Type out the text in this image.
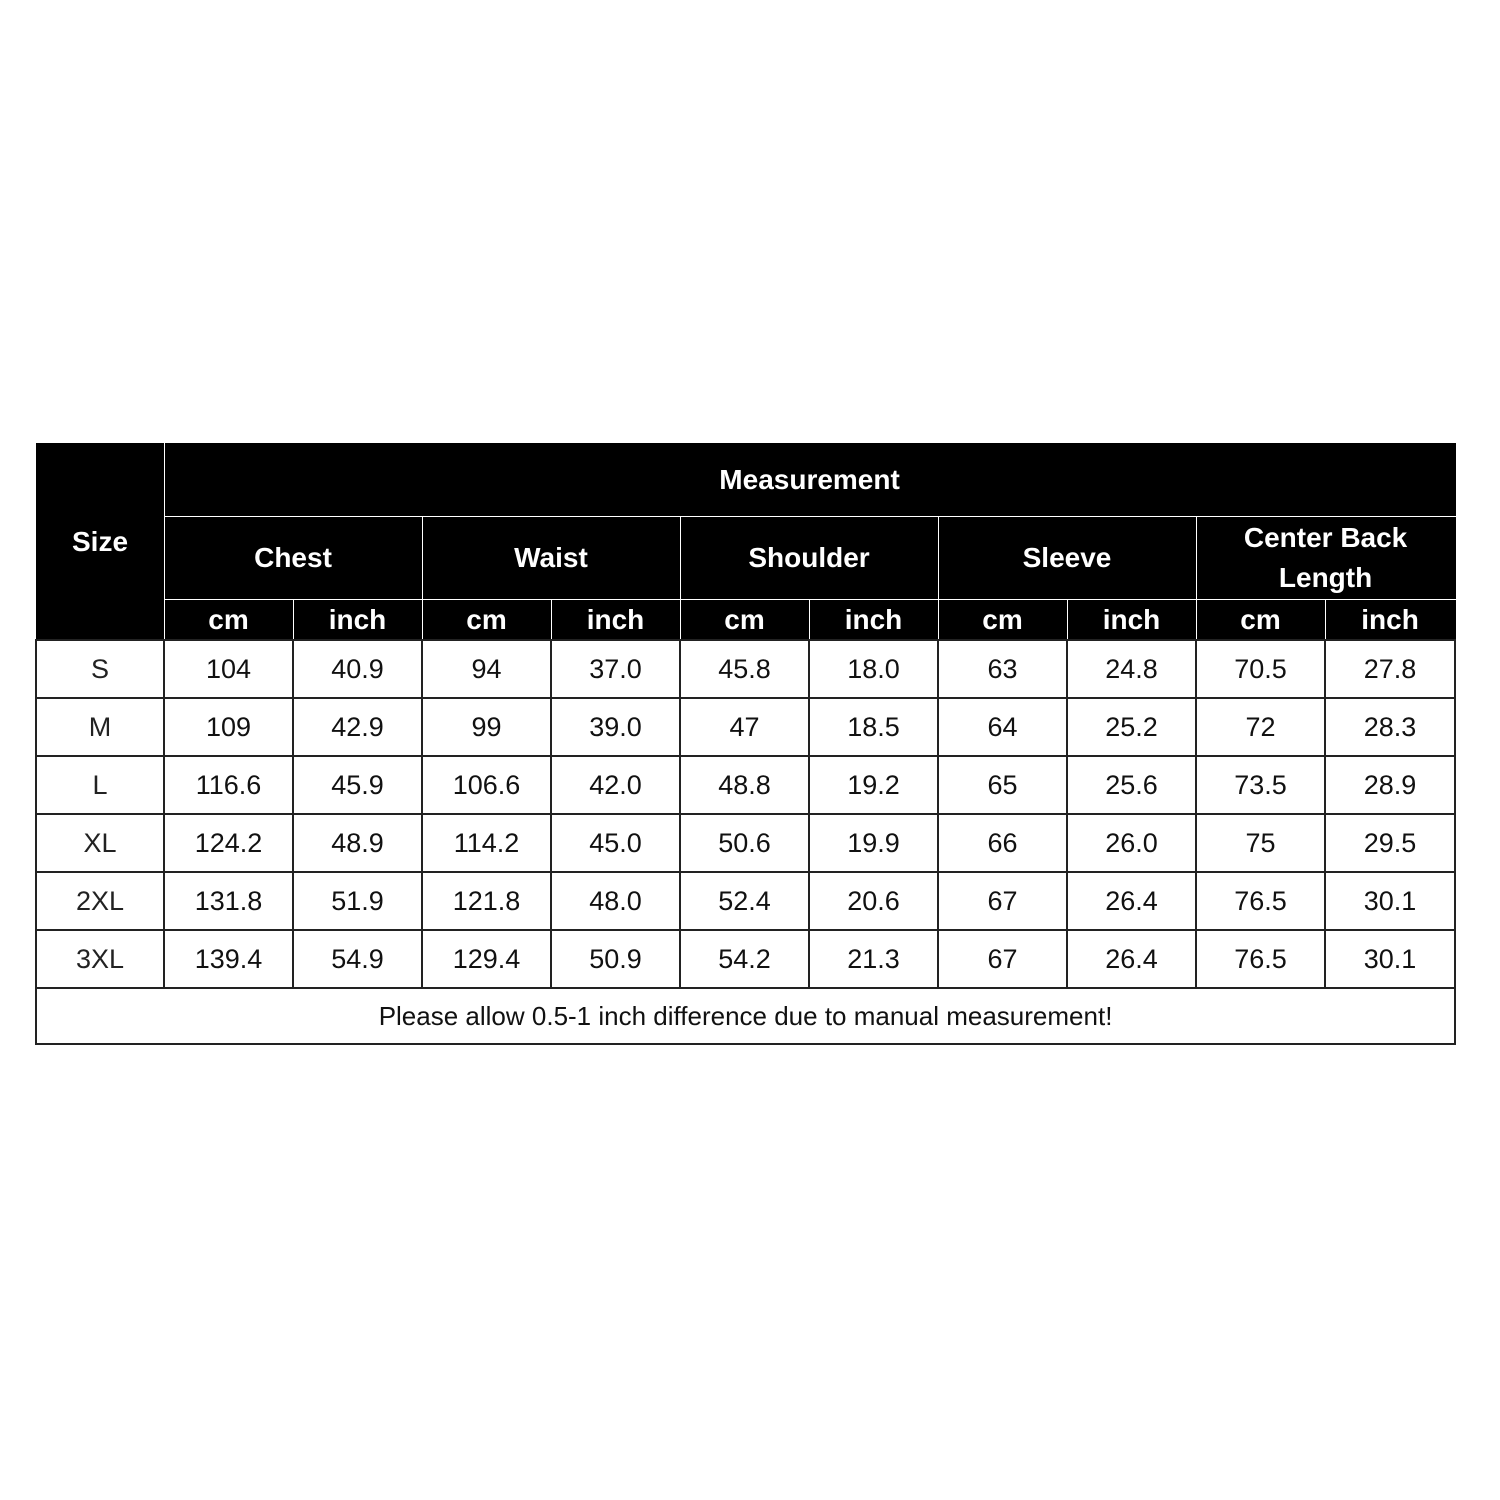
Size	Measurement									
	Chest		Waist		Shoulder		Sleeve		Center Back Length	
	cm	inch	cm	inch	cm	inch	cm	inch	cm	inch
S	104	40.9	94	37.0	45.8	18.0	63	24.8	70.5	27.8
M	109	42.9	99	39.0	47	18.5	64	25.2	72	28.3
L	116.6	45.9	106.6	42.0	48.8	19.2	65	25.6	73.5	28.9
XL	124.2	48.9	114.2	45.0	50.6	19.9	66	26.0	75	29.5
2XL	131.8	51.9	121.8	48.0	52.4	20.6	67	26.4	76.5	30.1
3XL	139.4	54.9	129.4	50.9	54.2	21.3	67	26.4	76.5	30.1
Please allow 0.5-1 inch difference due to manual measurement!										
